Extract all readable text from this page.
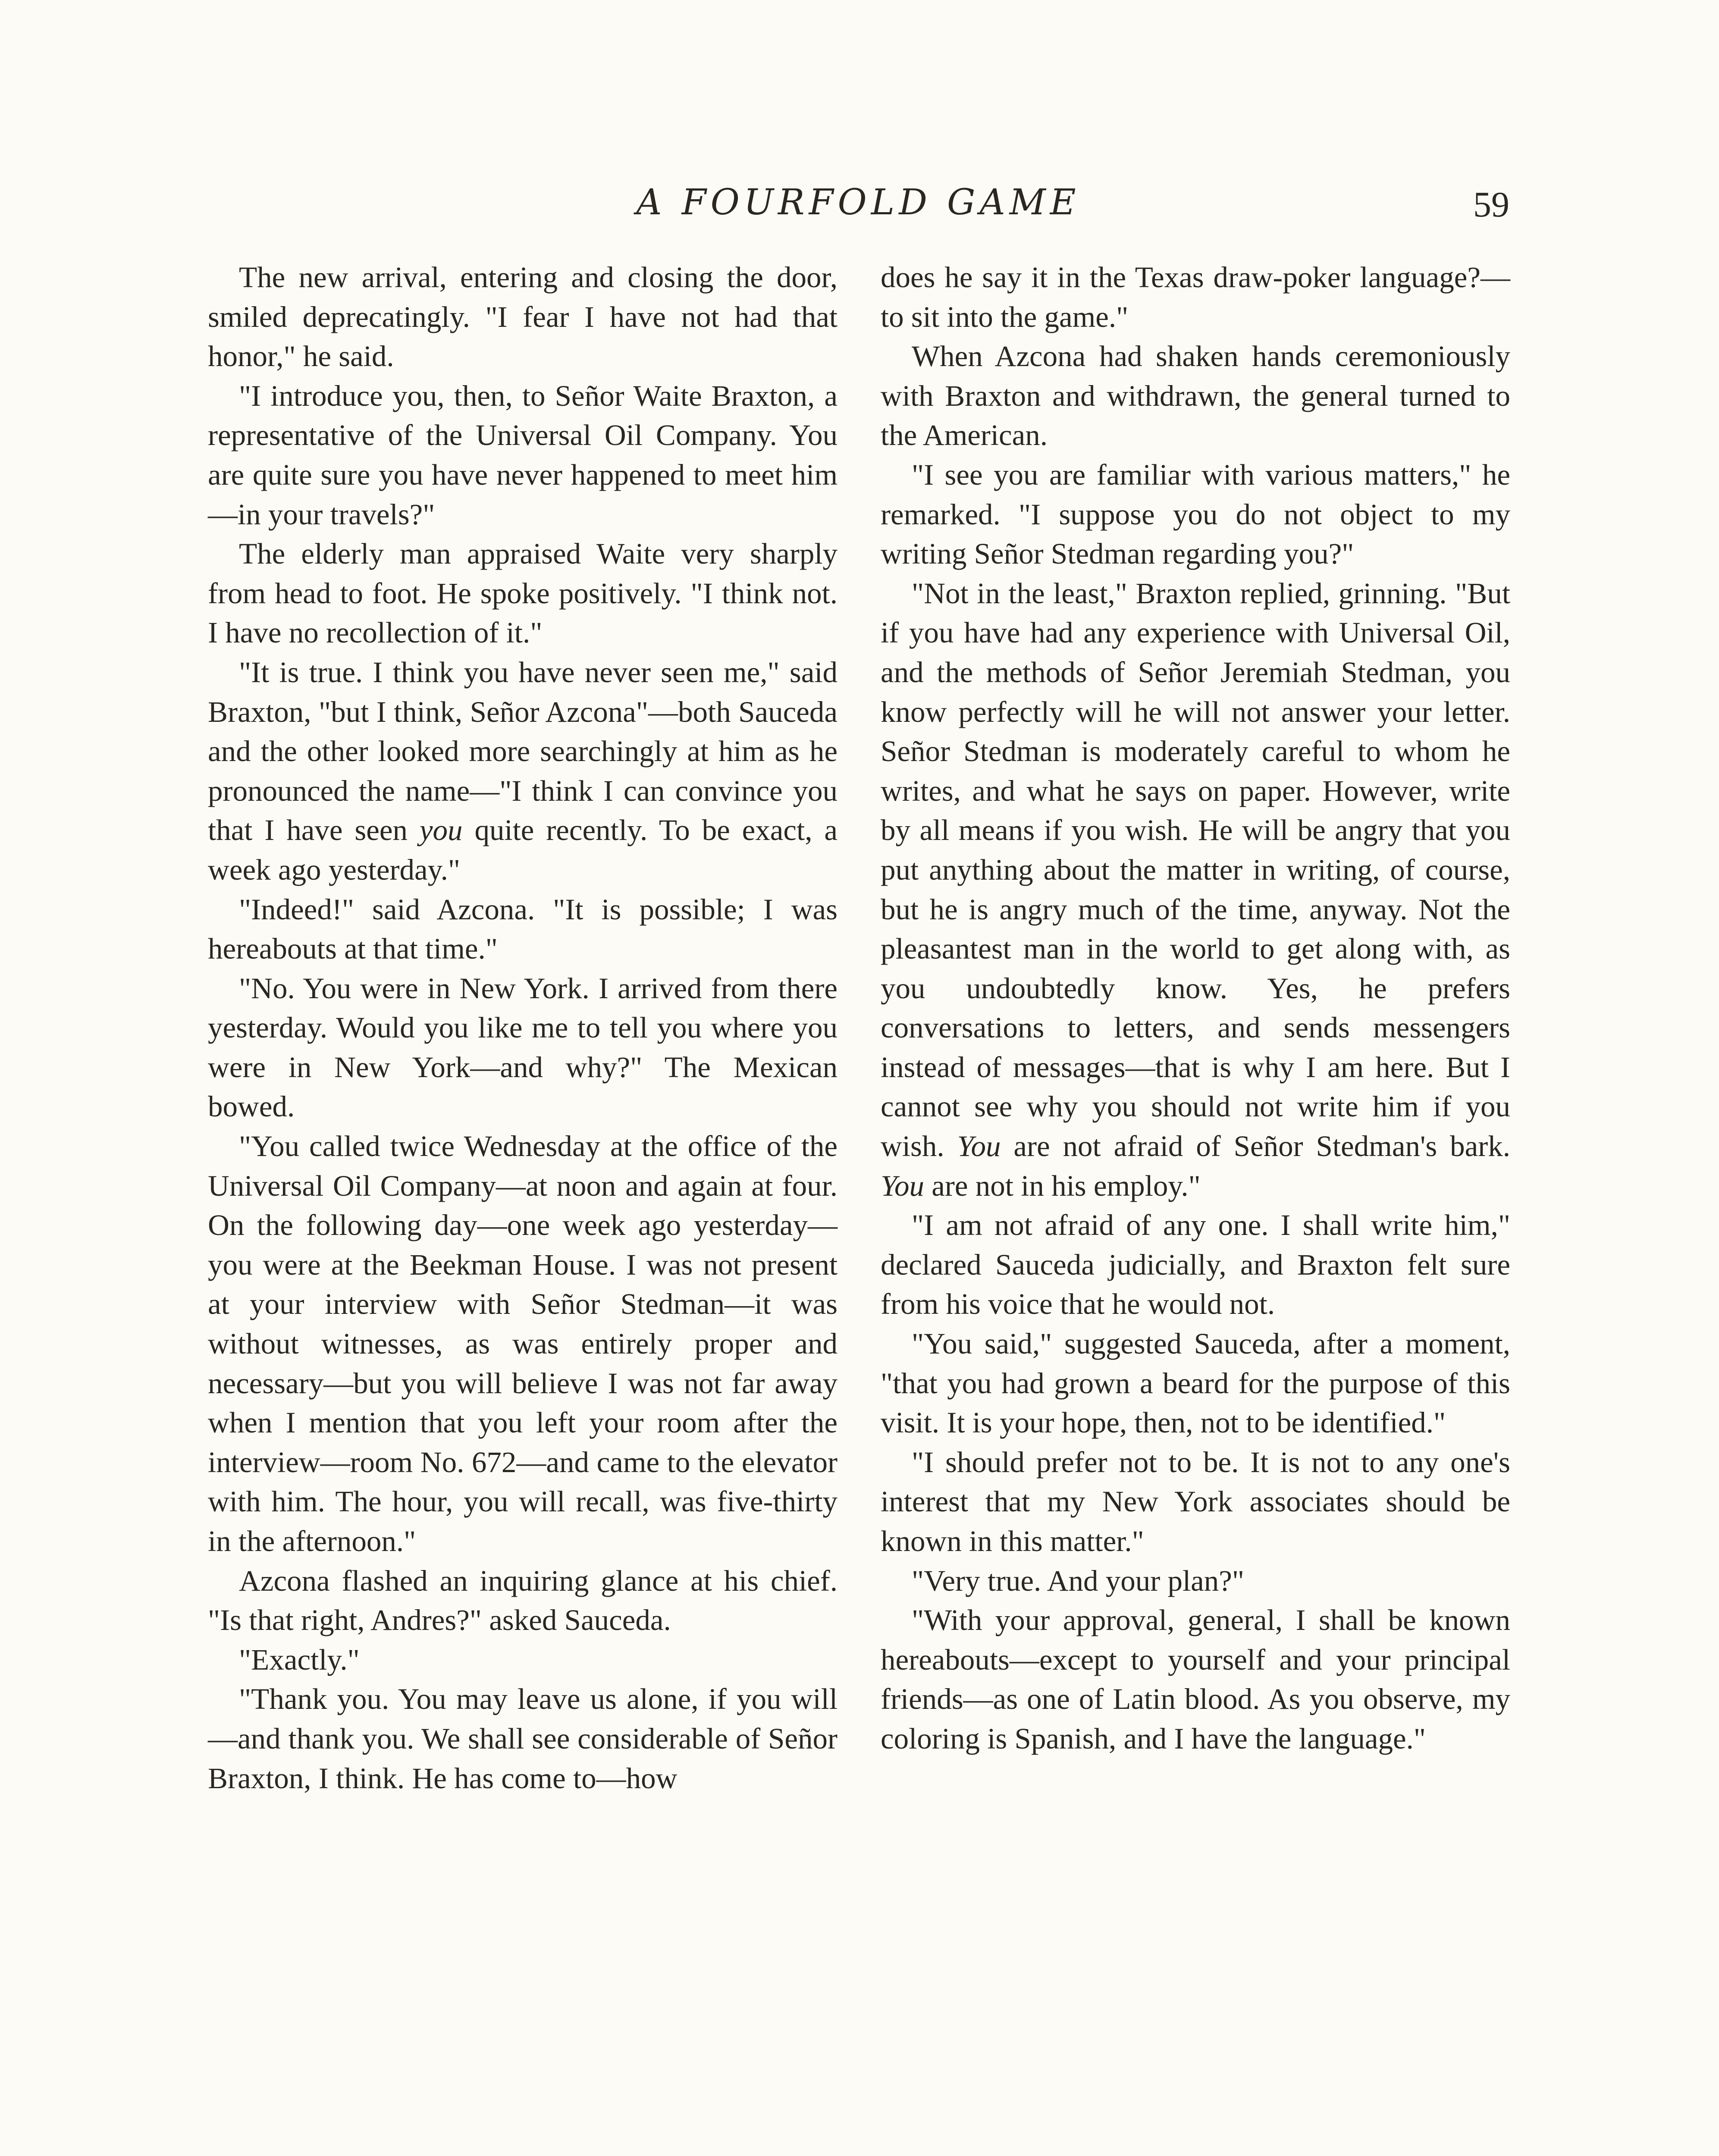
A FOURFOLD GAME	59

The new arrival, entering and closing the door, smiled deprecatingly. "I fear I have not had that honor," he said.

"I introduce you, then, to Señor Waite Braxton, a representative of the Universal Oil Company. You are quite sure you have never happened to meet him—in your travels?"

The elderly man appraised Waite very sharply from head to foot. He spoke positively. "I think not. I have no recollection of it."

"It is true. I think you have never seen me," said Braxton, "but I think, Señor Azcona"—both Sauceda and the other looked more searchingly at him as he pronounced the name—"I think I can convince you that I have seen you quite recently. To be exact, a week ago yesterday."

"Indeed!" said Azcona. "It is possible; I was hereabouts at that time."

"No. You were in New York. I arrived from there yesterday. Would you like me to tell you where you were in New York—and why?" The Mexican bowed.

"You called twice Wednesday at the office of the Universal Oil Company—at noon and again at four. On the following day—one week ago yesterday—you were at the Beekman House. I was not present at your interview with Señor Stedman—it was without witnesses, as was entirely proper and necessary—but you will believe I was not far away when I mention that you left your room after the interview—room No. 672—and came to the elevator with him. The hour, you will recall, was five-thirty in the afternoon."

Azcona flashed an inquiring glance at his chief. "Is that right, Andres?" asked Sauceda.

"Exactly."

"Thank you. You may leave us alone, if you will—and thank you. We shall see considerable of Señor Braxton, I think. He has come to—how

does he say it in the Texas draw-poker language?—to sit into the game."

When Azcona had shaken hands ceremoniously with Braxton and withdrawn, the general turned to the American.

"I see you are familiar with various matters," he remarked. "I suppose you do not object to my writing Señor Stedman regarding you?"

"Not in the least," Braxton replied, grinning. "But if you have had any experience with Universal Oil, and the methods of Señor Jeremiah Stedman, you know perfectly will he will not answer your letter. Señor Stedman is moderately careful to whom he writes, and what he says on paper. However, write by all means if you wish. He will be angry that you put anything about the matter in writing, of course, but he is angry much of the time, anyway. Not the pleasantest man in the world to get along with, as you undoubtedly know. Yes, he prefers conversations to letters, and sends messengers instead of messages—that is why I am here. But I cannot see why you should not write him if you wish. You are not afraid of Señor Stedman's bark. You are not in his employ."

"I am not afraid of any one. I shall write him," declared Sauceda judicially, and Braxton felt sure from his voice that he would not.

"You said," suggested Sauceda, after a moment, "that you had grown a beard for the purpose of this visit. It is your hope, then, not to be identified."

"I should prefer not to be. It is not to any one's interest that my New York associates should be known in this matter."

"Very true. And your plan?"

"With your approval, general, I shall be known hereabouts—except to yourself and your principal friends—as one of Latin blood. As you observe, my coloring is Spanish, and I have the language."
